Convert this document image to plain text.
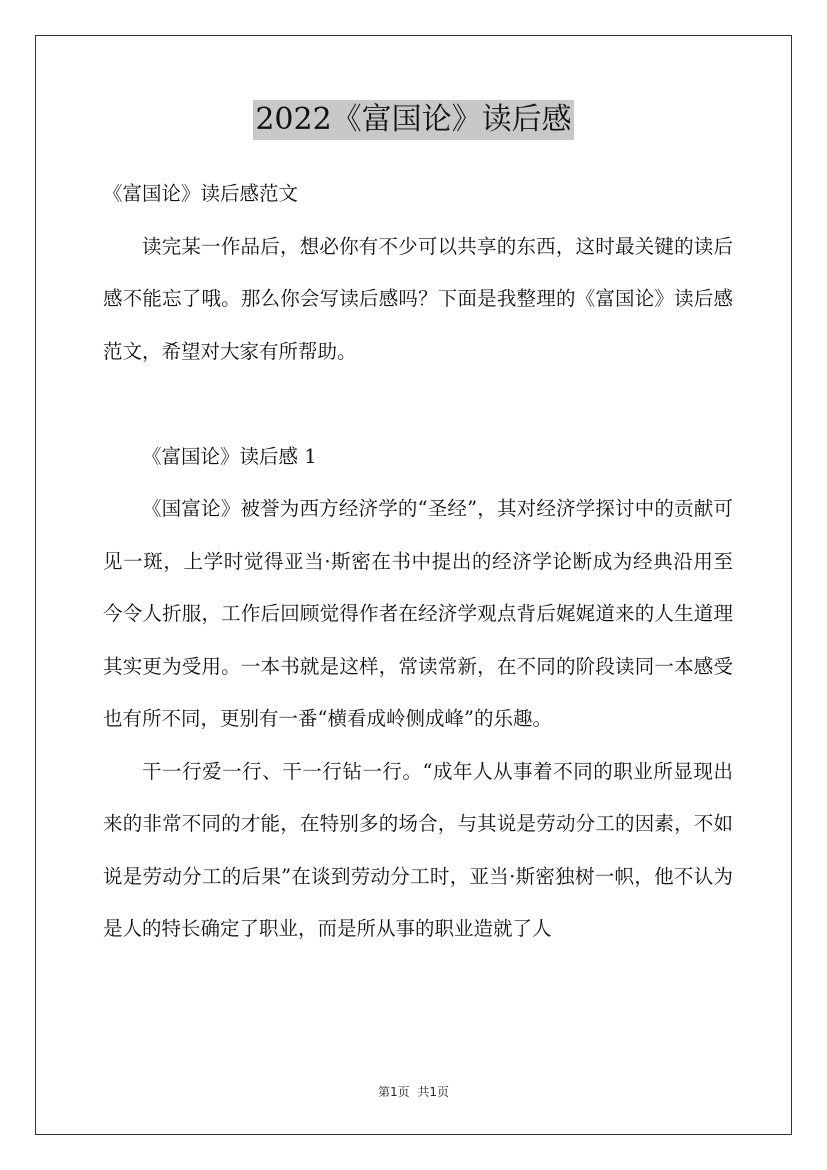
2022《富国论》读后感

《富国论》读后感范文

读完某一作品后，想必你有不少可以共享的东西，这时最关键的读后感不能忘了哦。那么你会写读后感吗？下面是我整理的《富国论》读后感范文，希望对大家有所帮助。

《富国论》读后感 1

《国富论》被誉为西方经济学的“圣经”，其对经济学探讨中的贡献可见一斑，上学时觉得亚当·斯密在书中提出的经济学论断成为经典沿用至今令人折服，工作后回顾觉得作者在经济学观点背后娓娓道来的人生道理其实更为受用。一本书就是这样，常读常新，在不同的阶段读同一本感受也有所不同，更别有一番“横看成岭侧成峰”的乐趣。

干一行爱一行、干一行钻一行。“成年人从事着不同的职业所显现出来的非常不同的才能，在特别多的场合，与其说是劳动分工的因素，不如说是劳动分工的后果”在谈到劳动分工时，亚当·斯密独树一帜，他不认为是人的特长确定了职业，而是所从事的职业造就了人

第1页 共1页
